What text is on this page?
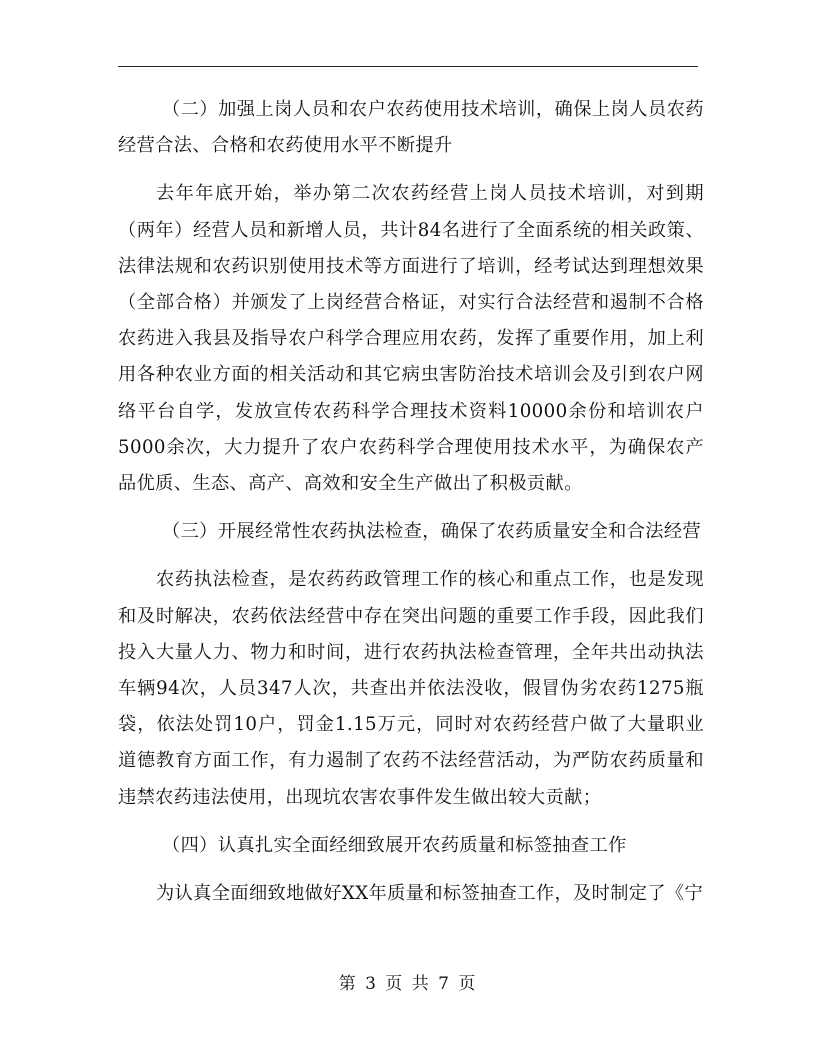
（二）加强上岗人员和农户农药使用技术培训，确保上岗人员农药经营合法、合格和农药使用水平不断提升

去年年底开始，举办第二次农药经营上岗人员技术培训，对到期（两年）经营人员和新增人员，共计84名进行了全面系统的相关政策、法律法规和农药识别使用技术等方面进行了培训，经考试达到理想效果（全部合格）并颁发了上岗经营合格证，对实行合法经营和遏制不合格农药进入我县及指导农户科学合理应用农药，发挥了重要作用，加上利用各种农业方面的相关活动和其它病虫害防治技术培训会及引到农户网络平台自学，发放宣传农药科学合理技术资料10000余份和培训农户5000余次，大力提升了农户农药科学合理使用技术水平，为确保农产品优质、生态、高产、高效和安全生产做出了积极贡献。

（三）开展经常性农药执法检查，确保了农药质量安全和合法经营

农药执法检查，是农药药政管理工作的核心和重点工作，也是发现和及时解决，农药依法经营中存在突出问题的重要工作手段，因此我们投入大量人力、物力和时间，进行农药执法检查管理，全年共出动执法车辆94次，人员347人次，共查出并依法没收，假冒伪劣农药1275瓶袋，依法处罚10户，罚金1.15万元，同时对农药经营户做了大量职业道德教育方面工作，有力遏制了农药不法经营活动，为严防农药质量和违禁农药违法使用，出现坑农害农事件发生做出较大贡献；

（四）认真扎实全面经细致展开农药质量和标签抽查工作

为认真全面细致地做好XX年质量和标签抽查工作，及时制定了《宁

第 3 页 共 7 页
